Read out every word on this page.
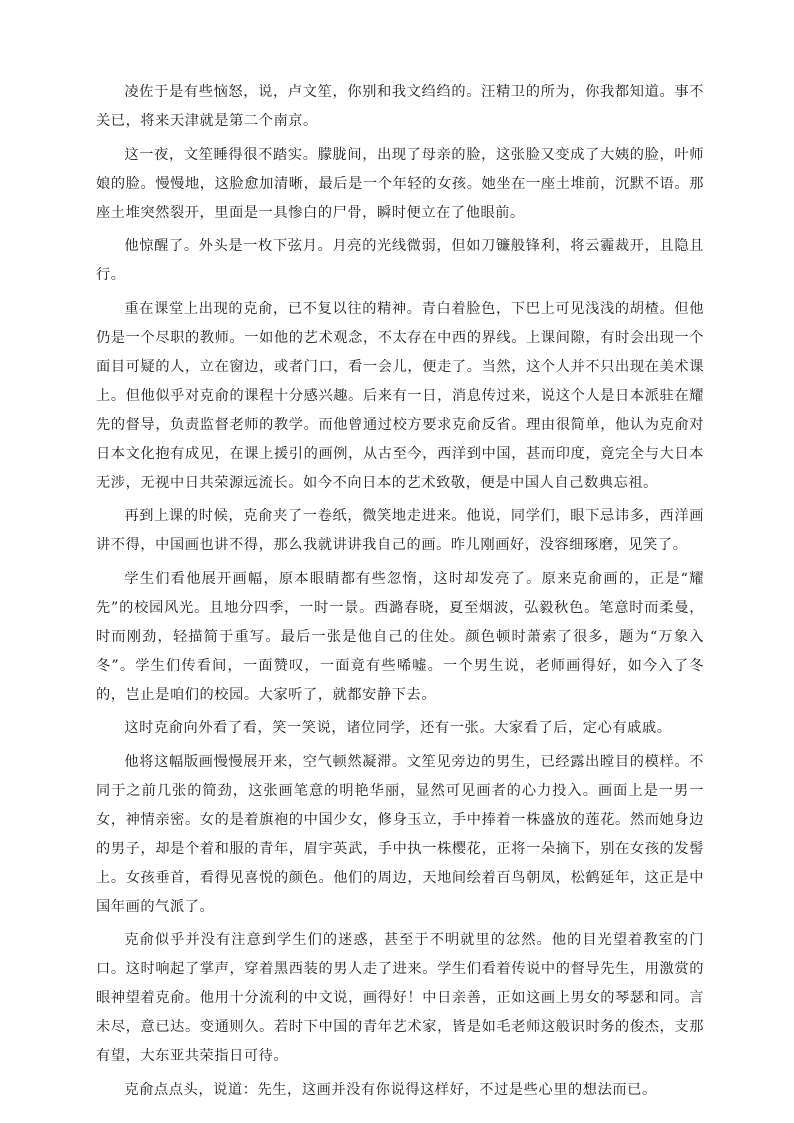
凌佐于是有些恼怒，说，卢文笙，你别和我文绉绉的。汪精卫的所为，你我都知道。事不关已，将来天津就是第二个南京。

这一夜，文笙睡得很不踏实。朦胧间，出现了母亲的脸，这张脸又变成了大姨的脸，叶师娘的脸。慢慢地，这脸愈加清晰，最后是一个年轻的女孩。她坐在一座土堆前，沉默不语。那座土堆突然裂开，里面是一具惨白的尸骨，瞬时便立在了他眼前。

他惊醒了。外头是一枚下弦月。月亮的光线微弱，但如刀镰般锋利，将云霾裁开，且隐且行。

重在课堂上出现的克俞，已不复以往的精神。青白着脸色，下巴上可见浅浅的胡楂。但他仍是一个尽职的教师。一如他的艺术观念，不太存在中西的界线。上课间隙，有时会出现一个面目可疑的人，立在窗边，或者门口，看一会儿，便走了。当然，这个人并不只出现在美术课上。但他似乎对克俞的课程十分感兴趣。后来有一日，消息传过来，说这个人是日本派驻在耀先的督导，负责监督老师的教学。而他曾通过校方要求克俞反省。理由很简单，他认为克俞对日本文化抱有成见，在课上援引的画例，从古至今，西洋到中国，甚而印度，竟完全与大日本无涉，无视中日共荣源远流长。如今不向日本的艺术致敬，便是中国人自己数典忘祖。

再到上课的时候，克俞夹了一卷纸，微笑地走进来。他说，同学们，眼下忌讳多，西洋画讲不得，中国画也讲不得，那么我就讲讲我自己的画。昨儿刚画好，没容细琢磨，见笑了。

学生们看他展开画幅，原本眼睛都有些忽惰，这时却发亮了。原来克俞画的，正是“耀先”的校园风光。且地分四季，一时一景。西潞春晓，夏至烟波，弘毅秋色。笔意时而柔曼，时而刚劲，轻描简于重写。最后一张是他自己的住处。颜色顿时萧索了很多，题为“万象入冬”。学生们传看间，一面赞叹，一面竟有些唏嘘。一个男生说，老师画得好，如今入了冬的，岂止是咱们的校园。大家听了，就都安静下去。

这时克俞向外看了看，笑一笑说，诸位同学，还有一张。大家看了后，定心有戚戚。

他将这幅版画慢慢展开来，空气顿然凝滞。文笙见旁边的男生，已经露出瞠目的模样。不同于之前几张的简劲，这张画笔意的明艳华丽，显然可见画者的心力投入。画面上是一男一女，神情亲密。女的是着旗袍的中国少女，修身玉立，手中捧着一株盛放的莲花。然而她身边的男子，却是个着和服的青年，眉宇英武，手中执一株樱花，正将一朵摘下，别在女孩的发髻上。女孩垂首，看得见喜悦的颜色。他们的周边，天地间绘着百鸟朝凤，松鹤延年，这正是中国年画的气派了。

克俞似乎并没有注意到学生们的迷惑，甚至于不明就里的忿然。他的目光望着教室的门口。这时响起了掌声，穿着黑西装的男人走了进来。学生们看着传说中的督导先生，用激赏的眼神望着克俞。他用十分流利的中文说，画得好！中日亲善，正如这画上男女的琴瑟和同。言未尽，意已达。变通则久。若时下中国的青年艺术家，皆是如毛老师这般识时务的俊杰，支那有望，大东亚共荣指日可待。

克俞点点头，说道：先生，这画并没有你说得这样好，不过是些心里的想法而已。
